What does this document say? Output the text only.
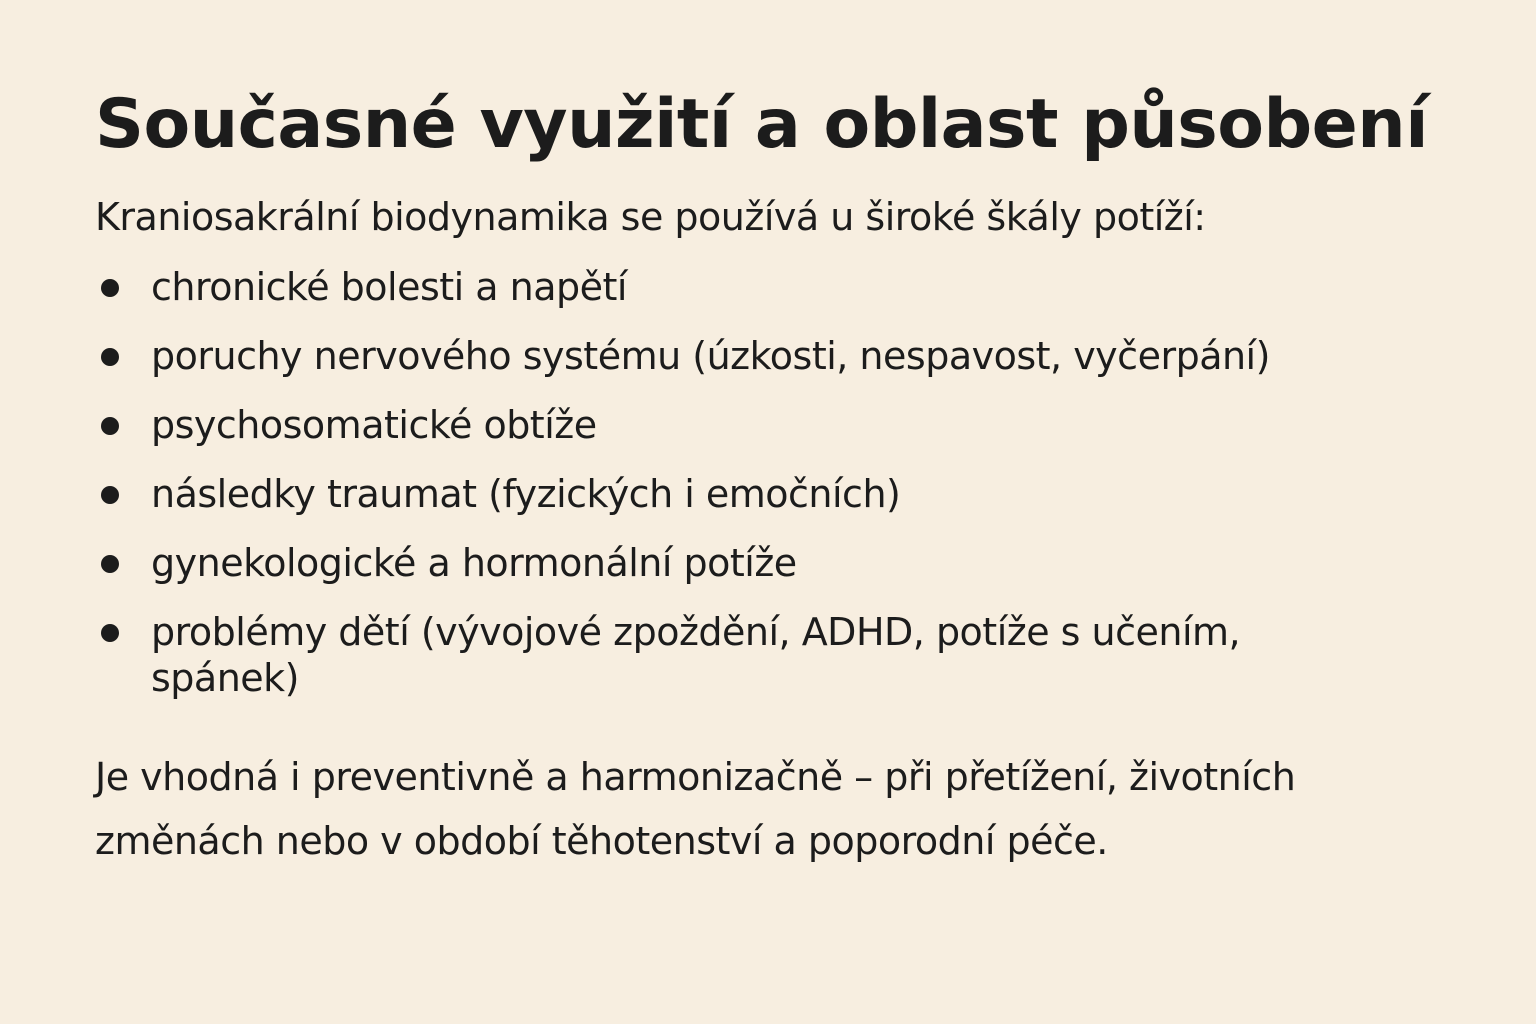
Současné využití a oblast působení

Kraniosakrální biodynamika se používá u široké škály potíží:

chronické bolesti a napětí
poruchy nervového systému (úzkosti, nespavost, vyčerpání)
psychosomatické obtíže
následky traumat (fyzických i emočních)
gynekologické a hormonální potíže
problémy dětí (vývojové zpoždění, ADHD, potíže s učením, spánek)

Je vhodná i preventivně a harmonizačně – při přetížení, životních změnách nebo v období těhotenství a poporodní péče.
